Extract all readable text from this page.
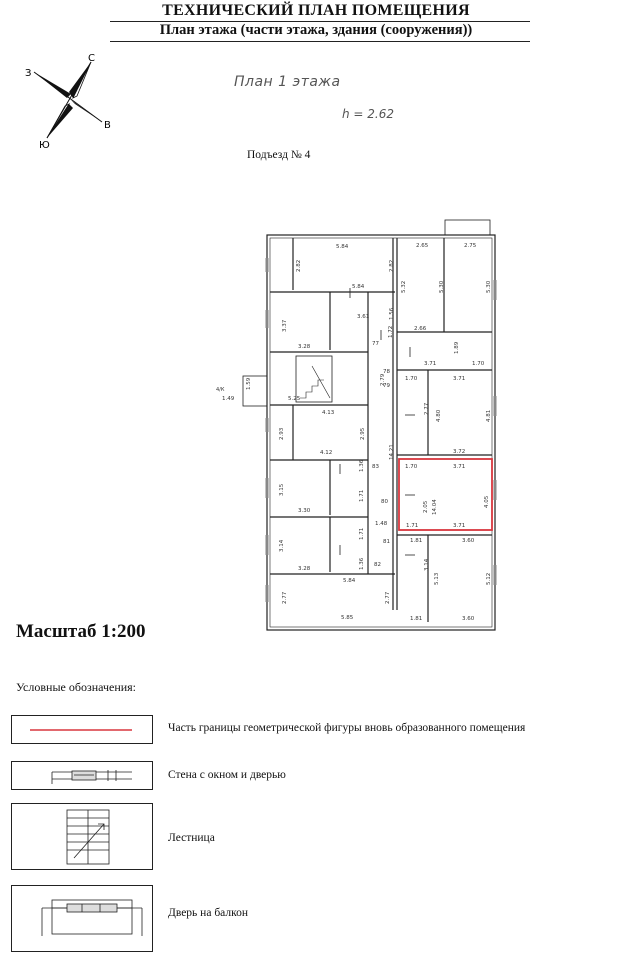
ТЕХНИЧЕСКИЙ ПЛАН ПОМЕЩЕНИЯ
План этажа (части этажа, здания (сооружения))
С
З
В
Ю
План 1 этажа
h = 2.62
Подъезд № 4
5.84
2.82	2.82
5.84
3.37
3.28
3.61
1.72
5.25
2.79
4.13
4/К	1.59
1.49
4.12
2.93	2.95
3.30
3.15
1.36
1.71
3.28
3.14
1.71
1.36
5.84
5.85
2.77	2.77
77
78
79
83
80
1.48
81
82
14.21
1.56
2.65	2.75
5.32	5.30	5.30
2.66
1.89
3.71	1.70
1.70	3.71
2.77
4.80	4.81
3.72
1.70	3.71
2.05 14.04	4.05
1.71	3.71
1.81	3.60
3.14
5.13	5.12
1.81	3.60
Масштаб 1:200
Условные обозначения:
Часть границы геометрической фигуры вновь образованного помещения
Стена с окном и дверью
Лестница
Дверь на балкон
